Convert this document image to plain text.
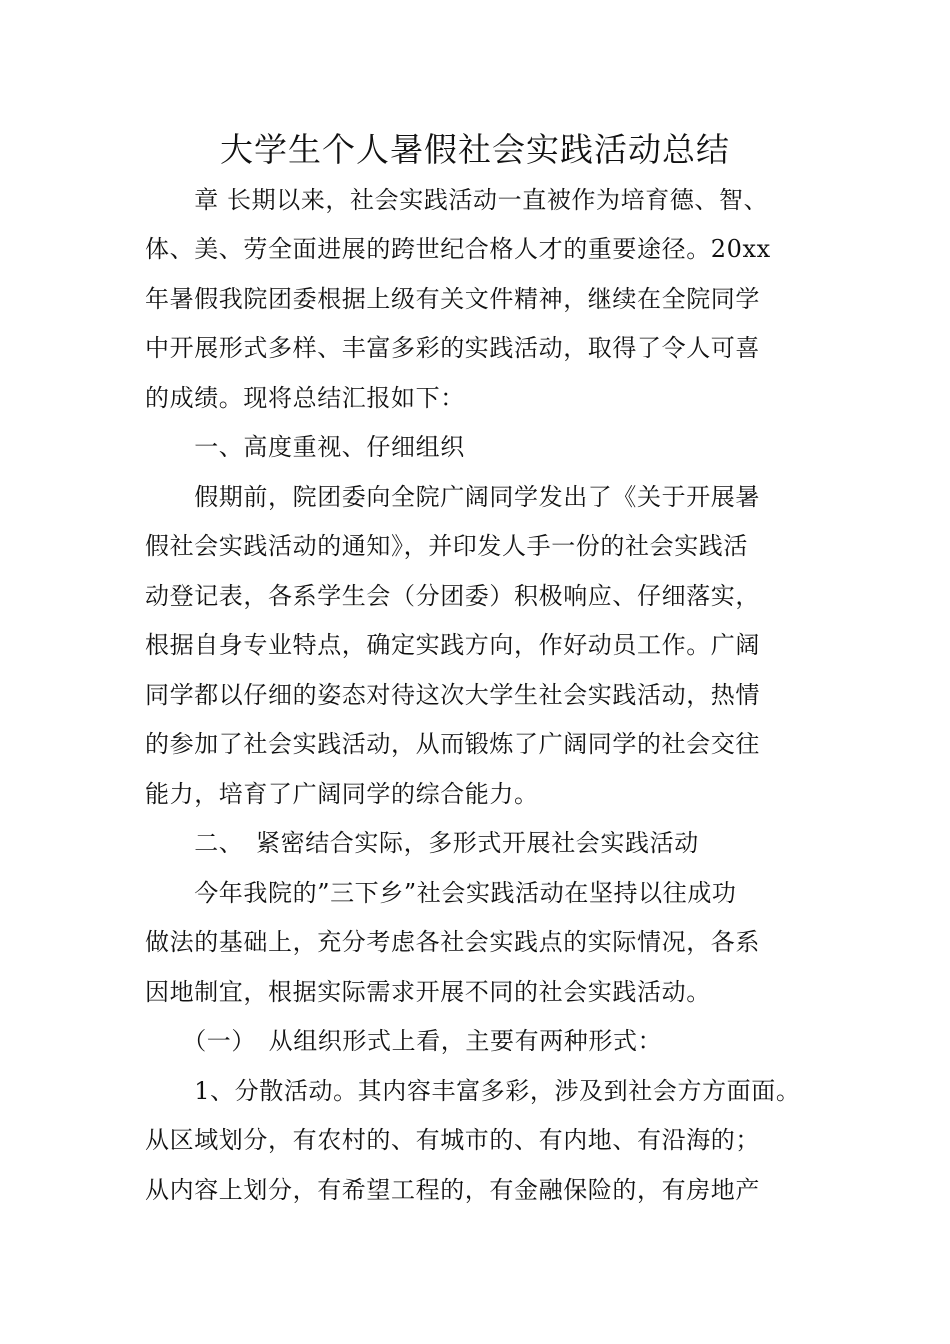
大学生个人暑假社会实践活动总结

　　章 长期以来，社会实践活动一直被作为培育德、智、

体、美、劳全面进展的跨世纪合格人才的重要途径。20xx

年暑假我院团委根据上级有关文件精神，继续在全院同学

中开展形式多样、丰富多彩的实践活动，取得了令人可喜

的成绩。现将总结汇报如下：

　　一、高度重视、仔细组织

　　假期前，院团委向全院广阔同学发出了《关于开展暑

假社会实践活动的通知》，并印发人手一份的社会实践活

动登记表，各系学生会（分团委）积极响应、仔细落实，

根据自身专业特点，确定实践方向，作好动员工作。广阔

同学都以仔细的姿态对待这次大学生社会实践活动，热情

的参加了社会实践活动，从而锻炼了广阔同学的社会交往

能力，培育了广阔同学的综合能力。

　　二、　紧密结合实际，多形式开展社会实践活动

　　今年我院的”三下乡”社会实践活动在坚持以往成功

做法的基础上，充分考虑各社会实践点的实际情况，各系

因地制宜，根据实际需求开展不同的社会实践活动。

　　（一）　从组织形式上看，主要有两种形式：

　　1、分散活动。其内容丰富多彩，涉及到社会方方面面。

从区域划分，有农村的、有城市的、有内地、有沿海的；

从内容上划分，有希望工程的，有金融保险的，有房地产
